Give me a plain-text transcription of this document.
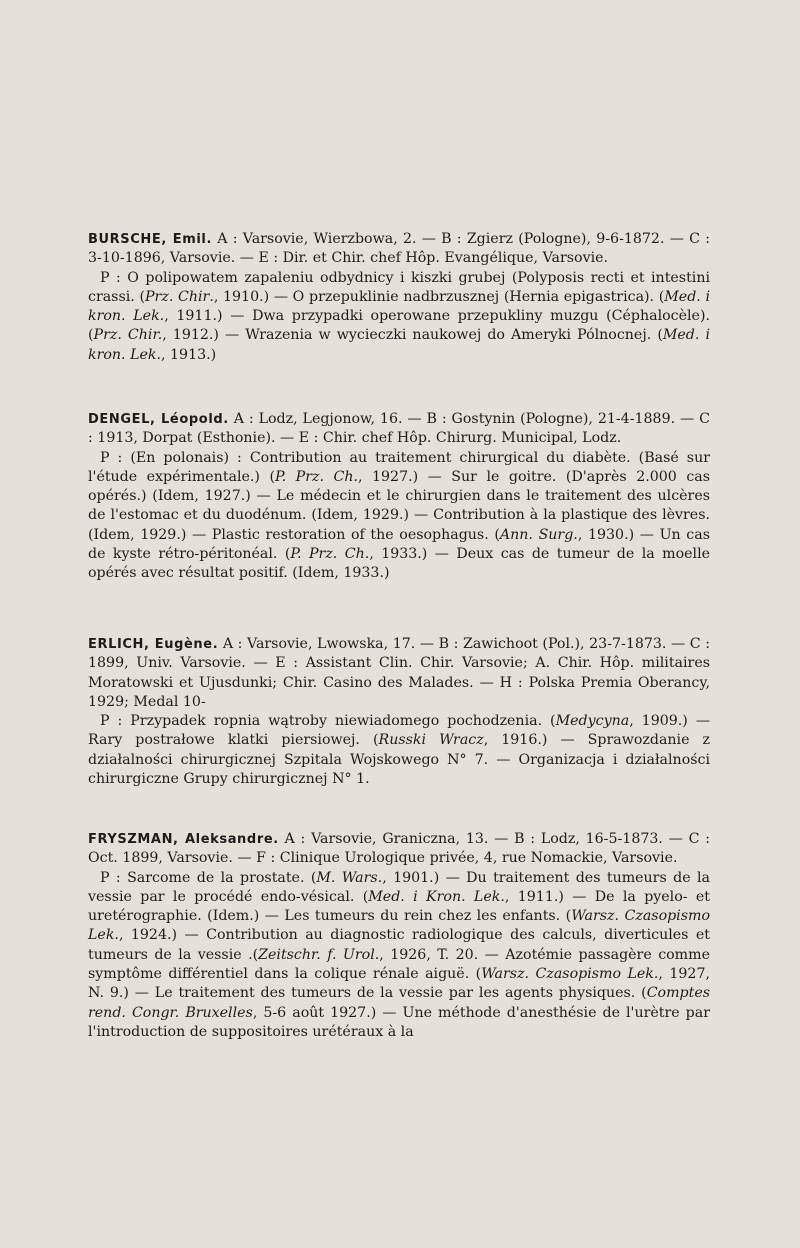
BURSCHE, Emil. A : Varsovie, Wierzbowa, 2. — B : Zgierz (Pologne), 9-6-1872. — C : 3-10-1896, Varsovie. — E : Dir. et Chir. chef Hôp. Evangélique, Varsovie.

P : O polipowatem zapaleniu odbydnicy i kiszki grubej (Polyposis recti et intestini crassi. (Prz. Chir., 1910.) — O przepuklinie nadbrzusznej (Hernia epigastrica). (Med. i kron. Lek., 1911.) — Dwa przypadki operowane przepukliny muzgu (Céphalocèle). (Prz. Chir., 1912.) — Wrazenia w wycieczki naukowej do Ameryki Pólnocnej. (Med. i kron. Lek., 1913.)

DENGEL, Léopold. A : Lodz, Legjonow, 16. — B : Gostynin (Pologne), 21-4-1889. — C : 1913, Dorpat (Esthonie). — E : Chir. chef Hôp. Chirurg. Municipal, Lodz.

P : (En polonais) : Contribution au traitement chirurgical du diabète. (Basé sur l'étude expérimentale.) (P. Prz. Ch., 1927.) — Sur le goitre. (D'après 2.000 cas opérés.) (Idem, 1927.) — Le médecin et le chirurgien dans le traitement des ulcères de l'estomac et du duodénum. (Idem, 1929.) — Contribution à la plastique des lèvres. (Idem, 1929.) — Plastic restoration of the oesophagus. (Ann. Surg., 1930.) — Un cas de kyste rétro-péritonéal. (P. Prz. Ch., 1933.) — Deux cas de tumeur de la moelle opérés avec résultat positif. (Idem, 1933.)

ERLICH, Eugène. A : Varsovie, Lwowska, 17. — B : Zawichoot (Pol.), 23-7-1873. — C : 1899, Univ. Varsovie. — E : Assistant Clin. Chir. Varsovie; A. Chir. Hôp. militaires Moratowski et Ujusdunki; Chir. Casino des Malades. — H : Polska Premia Oberancy, 1929; Medal 10-

P : Przypadek ropnia wątroby niewiadomego pochodzenia. (Medycyna, 1909.) —Rary postrałowe klatki piersiowej. (Russki Wracz, 1916.) — Sprawozdanie z działalności chirurgicznej Szpitala Wojskowego N° 7. — Organizacja i działalności chirurgiczne Grupy chirurgicznej N° 1.

FRYSZMAN, Aleksandre. A : Varsovie, Graniczna, 13. — B : Lodz, 16-5-1873. — C : Oct. 1899, Varsovie. — F : Clinique Urologique privée, 4, rue Nomackie, Varsovie.

P : Sarcome de la prostate. (M. Wars., 1901.) — Du traitement des tumeurs de la vessie par le procédé endo-vésical. (Med. i Kron. Lek., 1911.) — De la pyelo- et uretérographie. (Idem.) — Les tumeurs du rein chez les enfants. (Warsz. Czasopismo Lek., 1924.) — Contribution au diagnostic radiologique des calculs, diverticules et tumeurs de la vessie .(Zeitschr. f. Urol., 1926, T. 20. — Azotémie passagère comme symptôme différentiel dans la colique rénale aiguë. (Warsz. Czasopismo Lek., 1927, N. 9.) — Le traitement des tumeurs de la vessie par les agents physiques. (Comptes rend. Congr. Bruxelles, 5-6 août 1927.) — Une méthode d'anesthésie de l'urètre par l'introduction de suppositoires urétéraux à la
